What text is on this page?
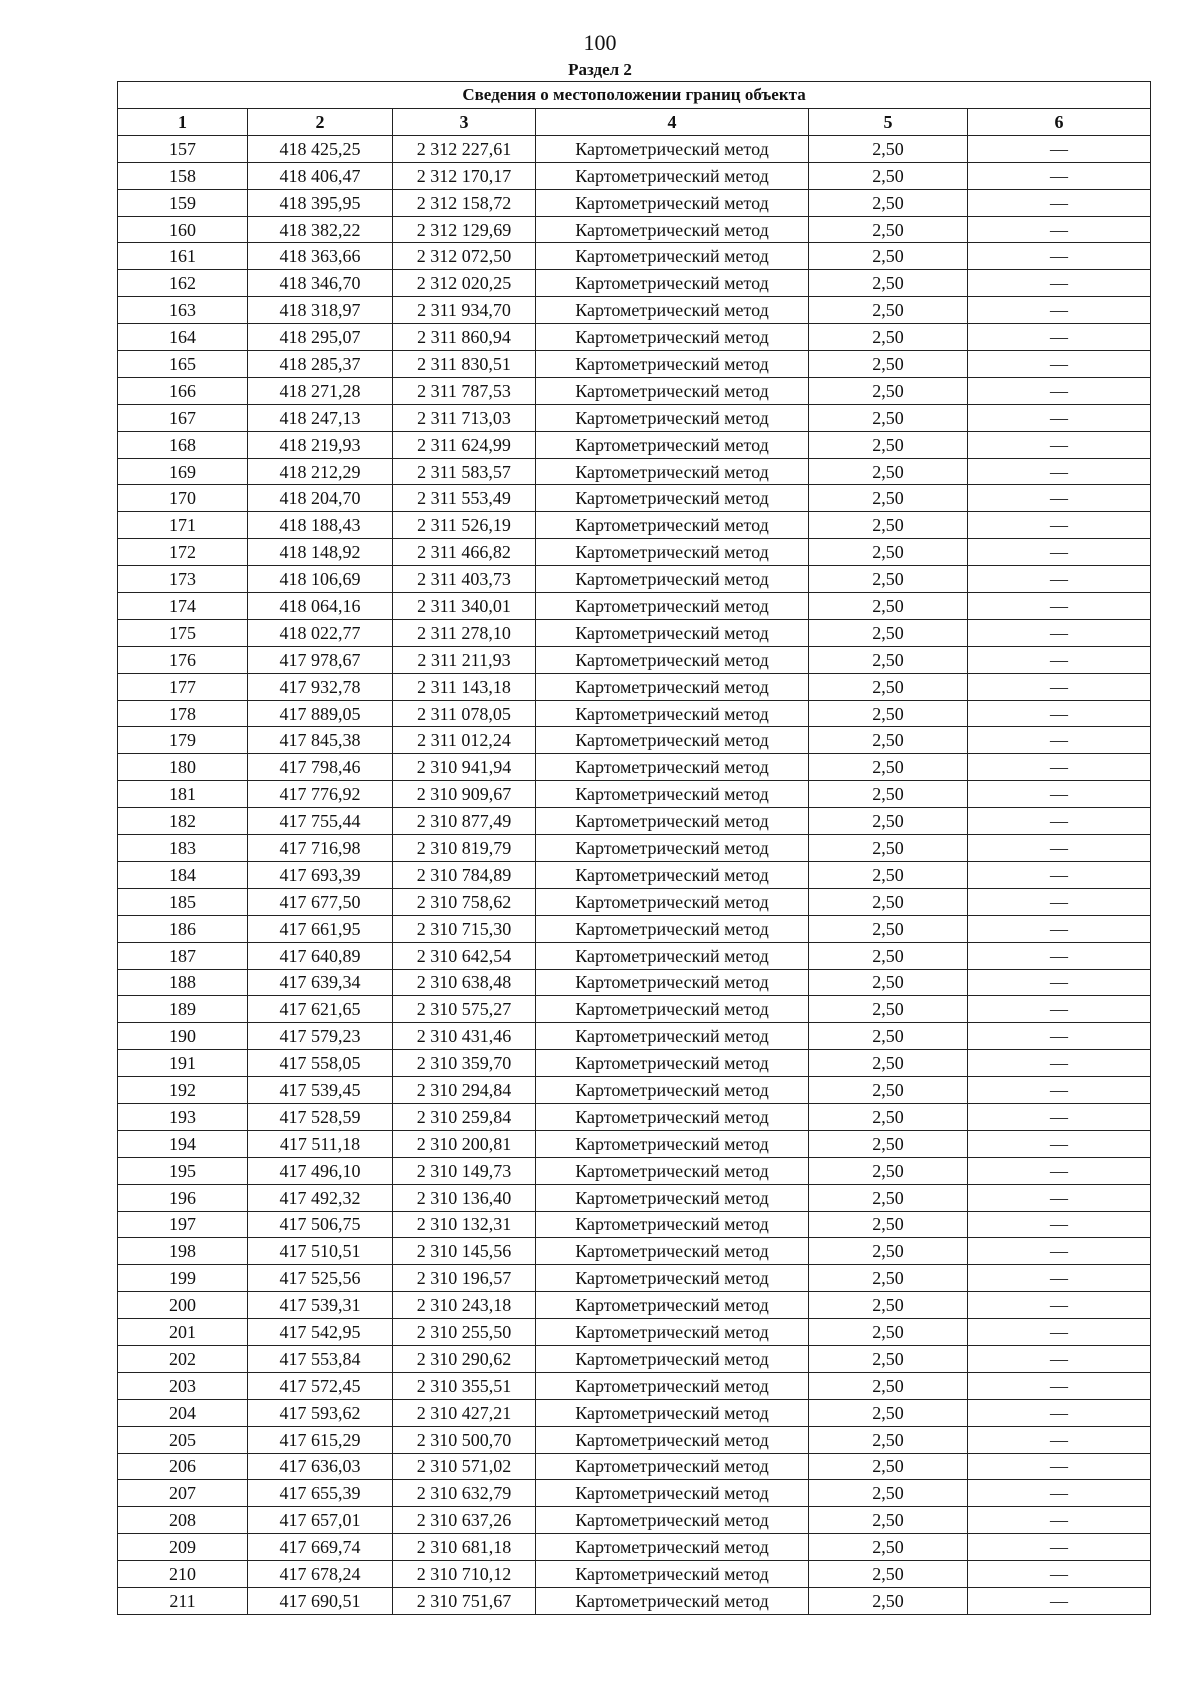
100
Раздел 2
Сведения о местоположении границ объекта					
1	2	3	4	5	6
157	418 425,25	2 312 227,61	Картометрический метод	2,50	—
158	418 406,47	2 312 170,17	Картометрический метод	2,50	—
159	418 395,95	2 312 158,72	Картометрический метод	2,50	—
160	418 382,22	2 312 129,69	Картометрический метод	2,50	—
161	418 363,66	2 312 072,50	Картометрический метод	2,50	—
162	418 346,70	2 312 020,25	Картометрический метод	2,50	—
163	418 318,97	2 311 934,70	Картометрический метод	2,50	—
164	418 295,07	2 311 860,94	Картометрический метод	2,50	—
165	418 285,37	2 311 830,51	Картометрический метод	2,50	—
166	418 271,28	2 311 787,53	Картометрический метод	2,50	—
167	418 247,13	2 311 713,03	Картометрический метод	2,50	—
168	418 219,93	2 311 624,99	Картометрический метод	2,50	—
169	418 212,29	2 311 583,57	Картометрический метод	2,50	—
170	418 204,70	2 311 553,49	Картометрический метод	2,50	—
171	418 188,43	2 311 526,19	Картометрический метод	2,50	—
172	418 148,92	2 311 466,82	Картометрический метод	2,50	—
173	418 106,69	2 311 403,73	Картометрический метод	2,50	—
174	418 064,16	2 311 340,01	Картометрический метод	2,50	—
175	418 022,77	2 311 278,10	Картометрический метод	2,50	—
176	417 978,67	2 311 211,93	Картометрический метод	2,50	—
177	417 932,78	2 311 143,18	Картометрический метод	2,50	—
178	417 889,05	2 311 078,05	Картометрический метод	2,50	—
179	417 845,38	2 311 012,24	Картометрический метод	2,50	—
180	417 798,46	2 310 941,94	Картометрический метод	2,50	—
181	417 776,92	2 310 909,67	Картометрический метод	2,50	—
182	417 755,44	2 310 877,49	Картометрический метод	2,50	—
183	417 716,98	2 310 819,79	Картометрический метод	2,50	—
184	417 693,39	2 310 784,89	Картометрический метод	2,50	—
185	417 677,50	2 310 758,62	Картометрический метод	2,50	—
186	417 661,95	2 310 715,30	Картометрический метод	2,50	—
187	417 640,89	2 310 642,54	Картометрический метод	2,50	—
188	417 639,34	2 310 638,48	Картометрический метод	2,50	—
189	417 621,65	2 310 575,27	Картометрический метод	2,50	—
190	417 579,23	2 310 431,46	Картометрический метод	2,50	—
191	417 558,05	2 310 359,70	Картометрический метод	2,50	—
192	417 539,45	2 310 294,84	Картометрический метод	2,50	—
193	417 528,59	2 310 259,84	Картометрический метод	2,50	—
194	417 511,18	2 310 200,81	Картометрический метод	2,50	—
195	417 496,10	2 310 149,73	Картометрический метод	2,50	—
196	417 492,32	2 310 136,40	Картометрический метод	2,50	—
197	417 506,75	2 310 132,31	Картометрический метод	2,50	—
198	417 510,51	2 310 145,56	Картометрический метод	2,50	—
199	417 525,56	2 310 196,57	Картометрический метод	2,50	—
200	417 539,31	2 310 243,18	Картометрический метод	2,50	—
201	417 542,95	2 310 255,50	Картометрический метод	2,50	—
202	417 553,84	2 310 290,62	Картометрический метод	2,50	—
203	417 572,45	2 310 355,51	Картометрический метод	2,50	—
204	417 593,62	2 310 427,21	Картометрический метод	2,50	—
205	417 615,29	2 310 500,70	Картометрический метод	2,50	—
206	417 636,03	2 310 571,02	Картометрический метод	2,50	—
207	417 655,39	2 310 632,79	Картометрический метод	2,50	—
208	417 657,01	2 310 637,26	Картометрический метод	2,50	—
209	417 669,74	2 310 681,18	Картометрический метод	2,50	—
210	417 678,24	2 310 710,12	Картометрический метод	2,50	—
211	417 690,51	2 310 751,67	Картометрический метод	2,50	—
